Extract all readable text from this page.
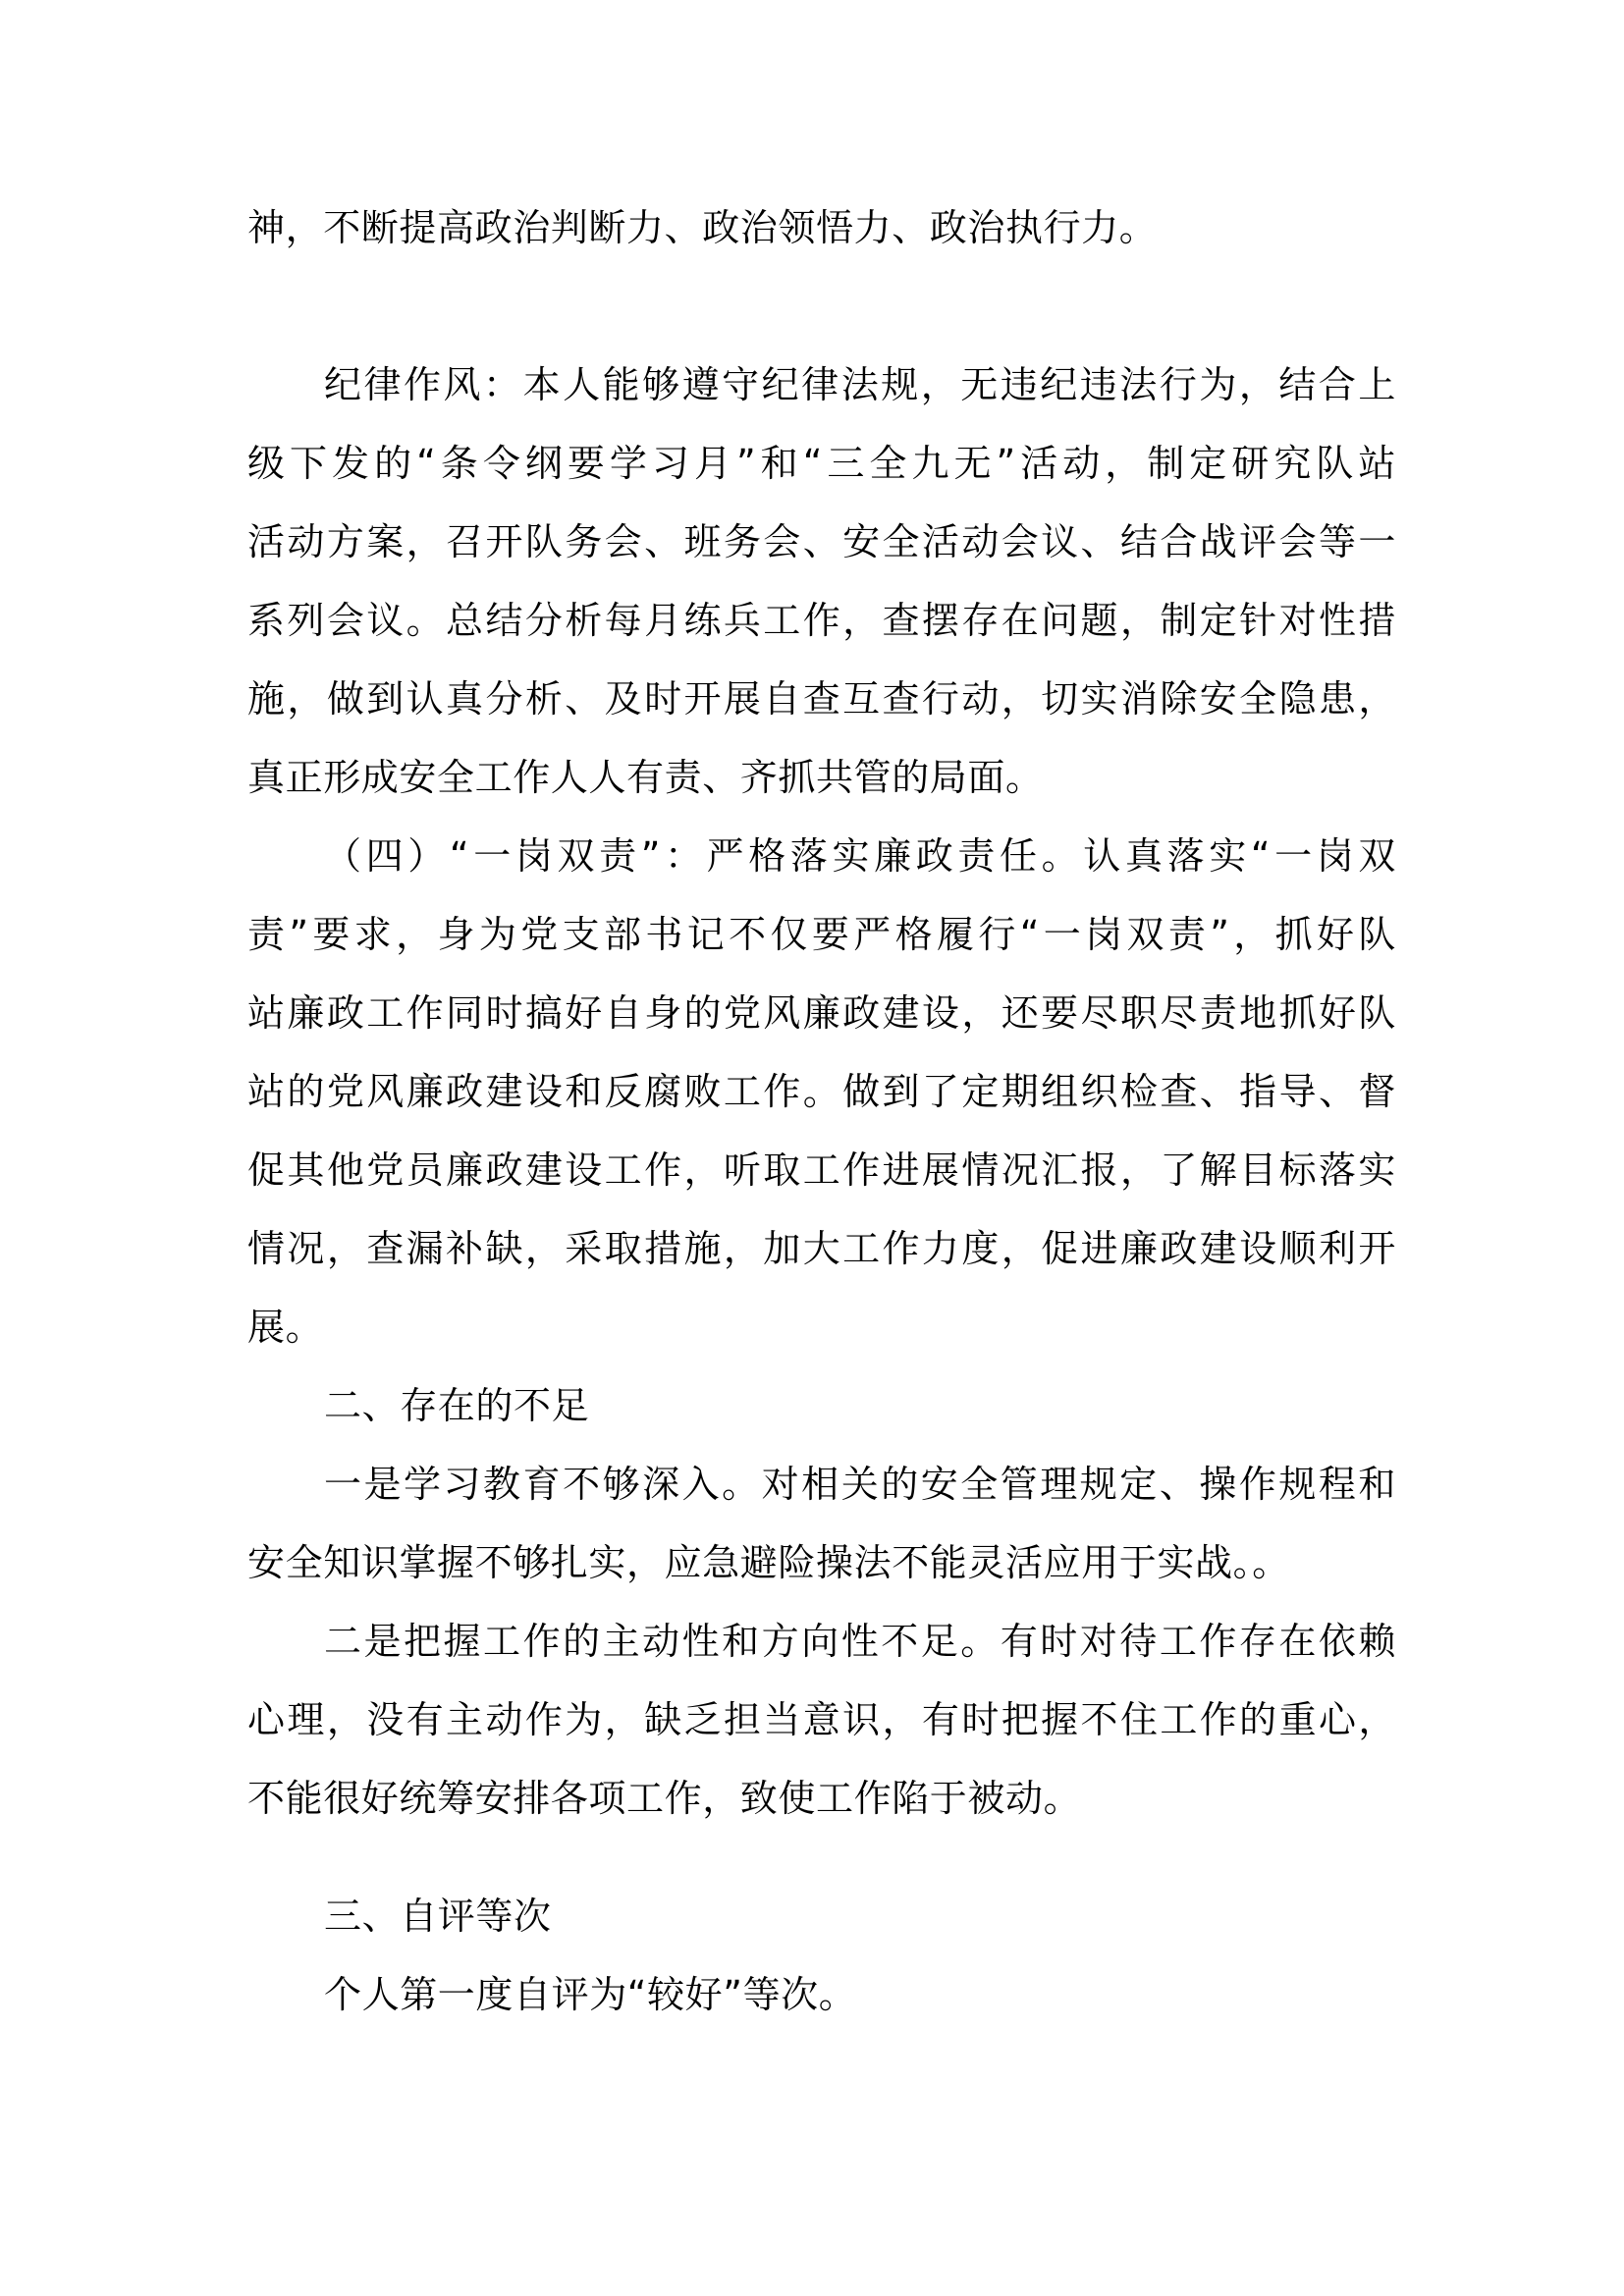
神，不断提高政治判断力、政治领悟力、政治执行力。
纪律作风：本人能够遵守纪律法规，无违纪违法行为，结合上
级下发的“条令纲要学习月”和“三全九无”活动，制定研究队站
活动方案，召开队务会、班务会、安全活动会议、结合战评会等一
系列会议。总结分析每月练兵工作，查摆存在问题，制定针对性措
施，做到认真分析、及时开展自查互查行动，切实消除安全隐患，
真正形成安全工作人人有责、齐抓共管的局面。
（四）“一岗双责”：严格落实廉政责任。认真落实“一岗双
责”要求，身为党支部书记不仅要严格履行“一岗双责”，抓好队
站廉政工作同时搞好自身的党风廉政建设，还要尽职尽责地抓好队
站的党风廉政建设和反腐败工作。做到了定期组织检查、指导、督
促其他党员廉政建设工作，听取工作进展情况汇报，了解目标落实
情况，查漏补缺，采取措施，加大工作力度，促进廉政建设顺利开
展。
二、存在的不足
一是学习教育不够深入。对相关的安全管理规定、操作规程和
安全知识掌握不够扎实，应急避险操法不能灵活应用于实战。。
二是把握工作的主动性和方向性不足。有时对待工作存在依赖
心理，没有主动作为，缺乏担当意识，有时把握不住工作的重心，
不能很好统筹安排各项工作，致使工作陷于被动。
三、自评等次
个人第一度自评为“较好”等次。
